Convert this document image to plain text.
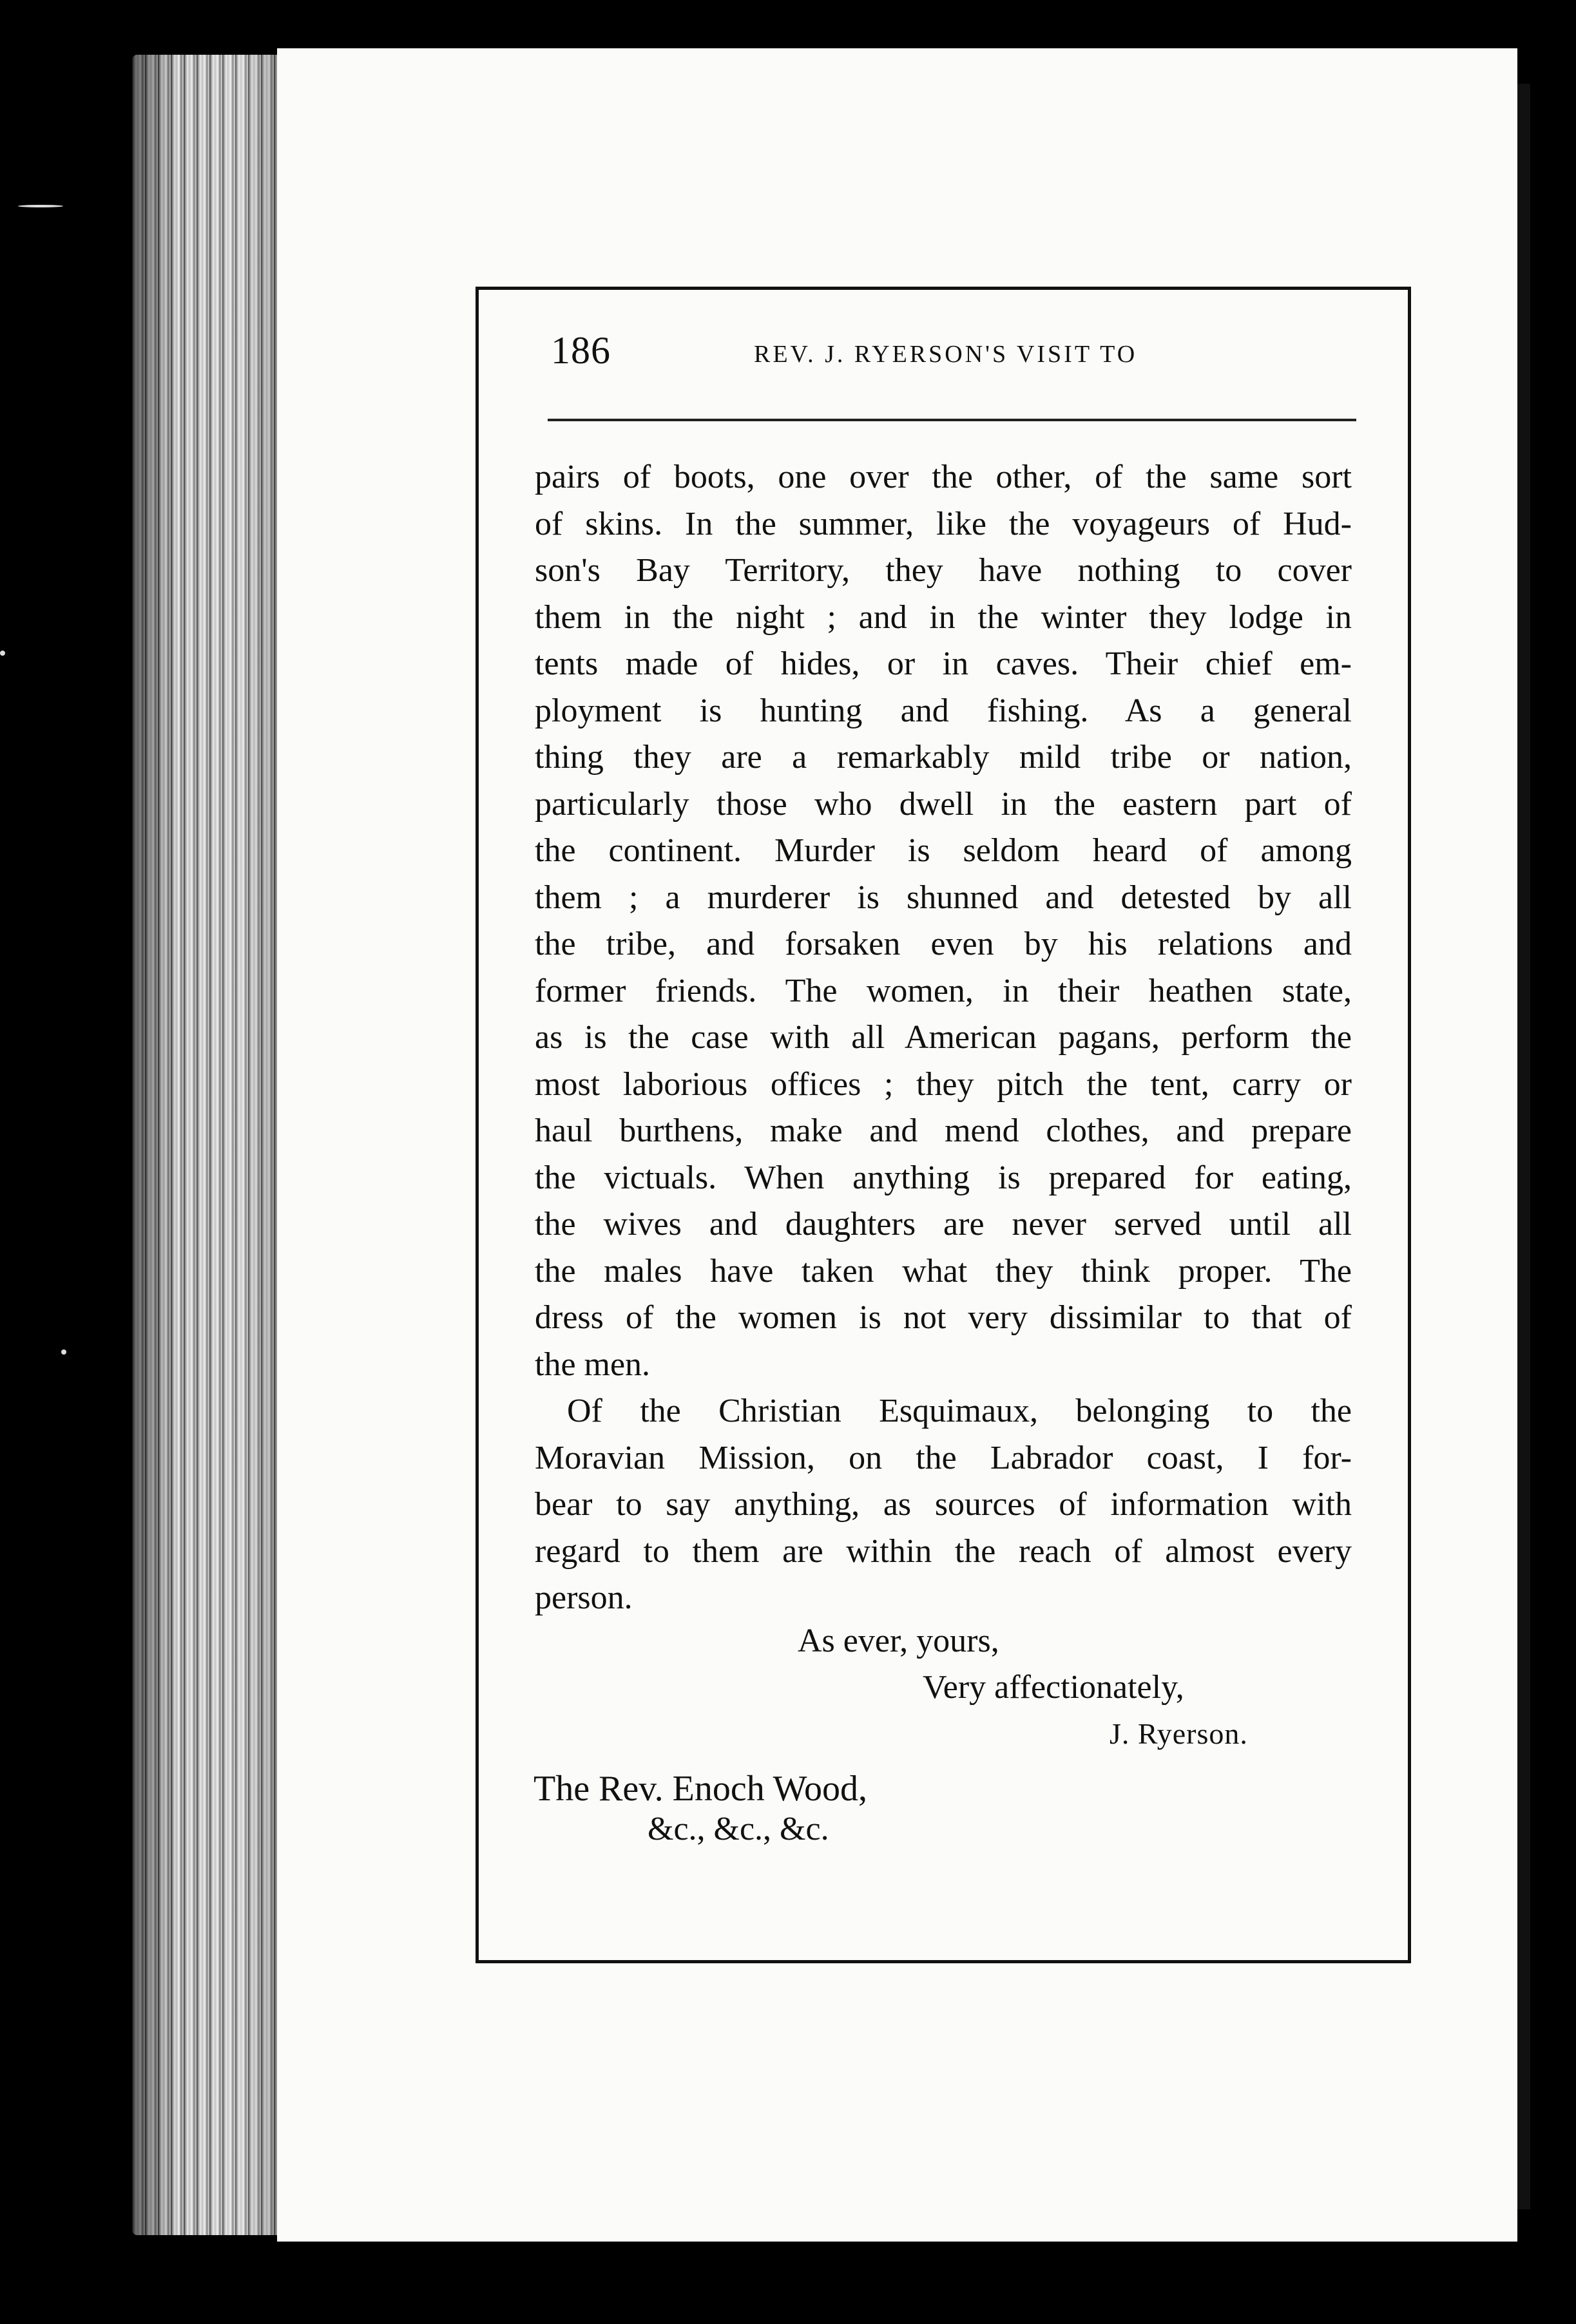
186	REV. J. RYERSON'S VISIT TO
pairs of boots, one over the other, of the same sort
of skins. In the summer, like the voyageurs of Hud-
son's Bay Territory, they have nothing to cover
them in the night ; and in the winter they lodge in
tents made of hides, or in caves. Their chief em-
ployment is hunting and fishing. As a general
thing they are a remarkably mild tribe or nation,
particularly those who dwell in the eastern part of
the continent. Murder is seldom heard of among
them ; a murderer is shunned and detested by all
the tribe, and forsaken even by his relations and
former friends. The women, in their heathen state,
as is the case with all American pagans, perform the
most laborious offices ; they pitch the tent, carry or
haul burthens, make and mend clothes, and prepare
the victuals. When anything is prepared for eating,
the wives and daughters are never served until all
the males have taken what they think proper. The
dress of the women is not very dissimilar to that of
the men.
Of the Christian Esquimaux, belonging to the
Moravian Mission, on the Labrador coast, I for-
bear to say anything, as sources of information with
regard to them are within the reach of almost every
person.
As ever, yours,
Very affectionately,
J. Ryerson.
The Rev. Enoch Wood,
&c., &c., &c.
